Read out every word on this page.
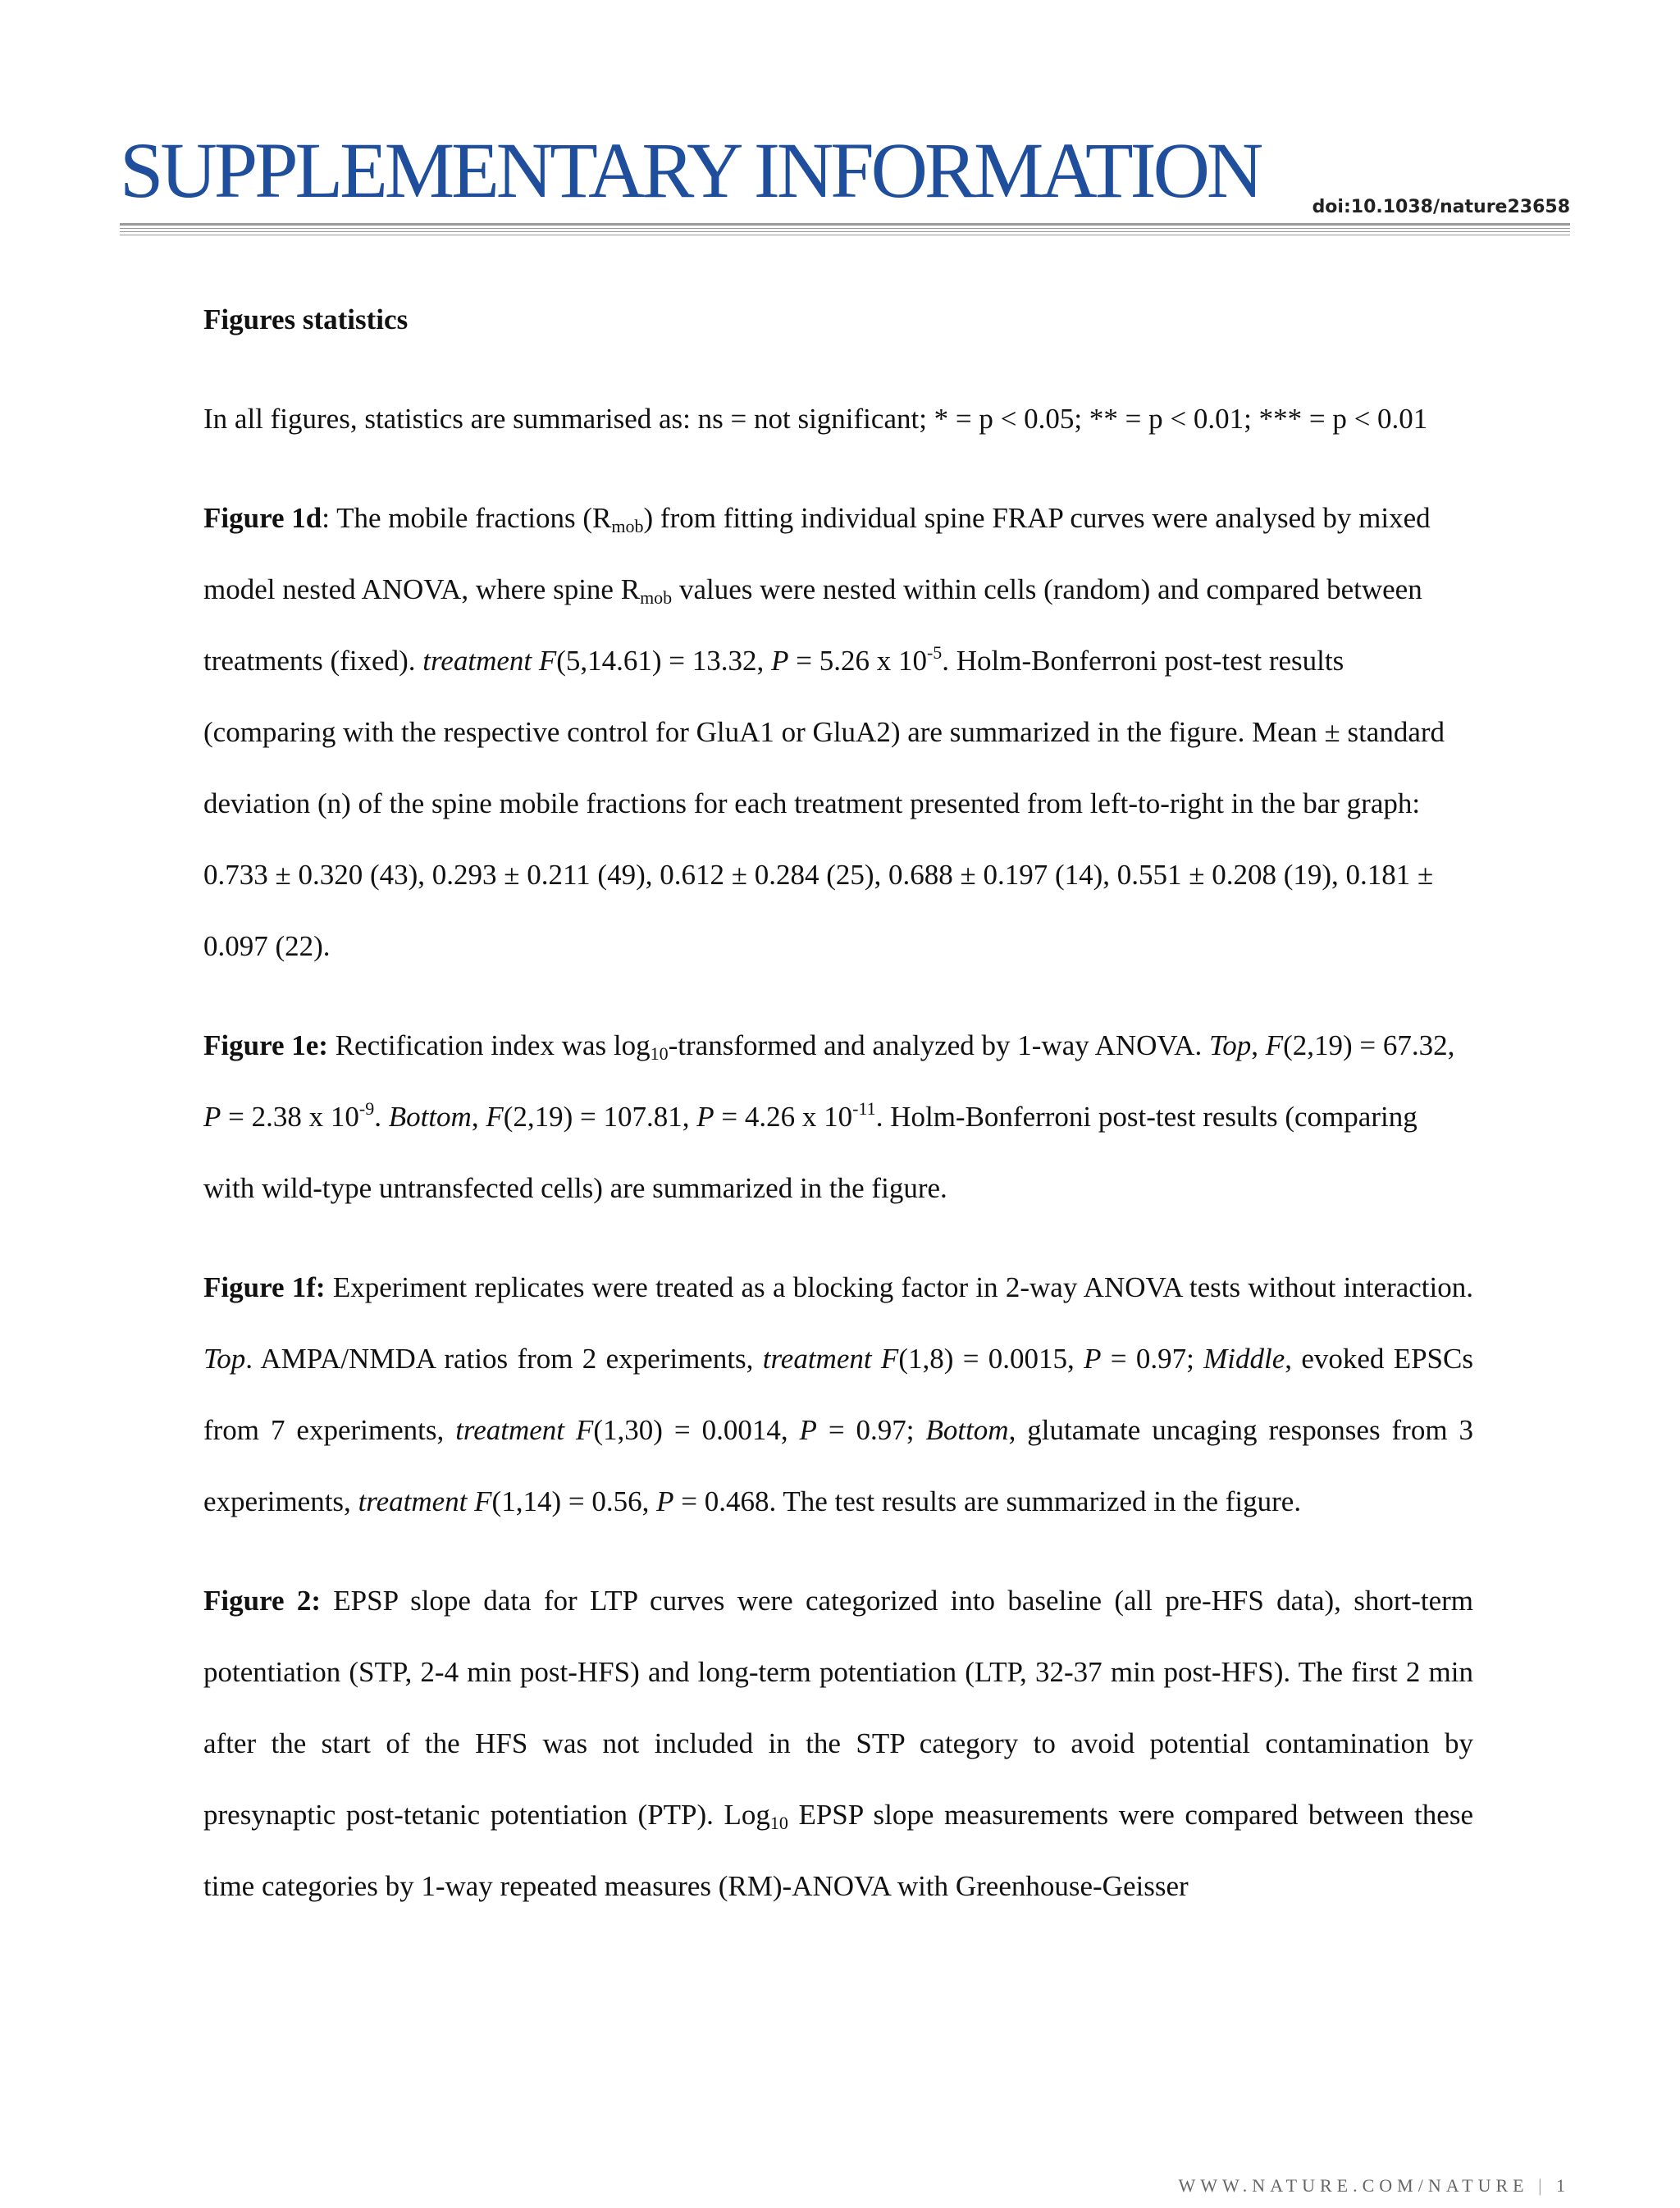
SUPPLEMENTARY INFORMATION	doi:10.1038/nature23658
Figures statistics

In all figures, statistics are summarised as: ns = not significant; * = p < 0.05; ** = p < 0.01; *** = p < 0.01

Figure 1d: The mobile fractions $(R_{mob})$ from fitting individual spine FRAP curves were analysed by mixed model nested ANOVA, where spine $R_{mob}$ values were nested within cells (random) and compared between treatments (fixed). treatment F(5,14.61) = 13.32, P = 5.26 x $10^{-5}$. Holm-Bonferroni post-test results (comparing with the respective control for GluA1 or GluA2) are summarized in the figure. Mean ± standard deviation (n) of the spine mobile fractions for each treatment presented from left-to-right in the bar graph: 0.733 ± 0.320 (43), 0.293 ± 0.211 (49), 0.612 ± 0.284 (25), 0.688 ± 0.197 (14), 0.551 ± 0.208 (19), 0.181 ± 0.097 (22).

Figure 1e: Rectification index was $\log_{10}$-transformed and analyzed by 1-way ANOVA. Top, F(2,19) = 67.32, P = 2.38 x $10^{-9}$. Bottom, F(2,19) = 107.81, P = 4.26 x $10^{-11}$. Holm-Bonferroni post-test results (comparing with wild-type untransfected cells) are summarized in the figure.

Figure 1f: Experiment replicates were treated as a blocking factor in 2-way ANOVA tests without interaction. Top. AMPA/NMDA ratios from 2 experiments, treatment F(1,8) = 0.0015, P = 0.97; Middle, evoked EPSCs from 7 experiments, treatment F(1,30) = 0.0014, P = 0.97; Bottom, glutamate uncaging responses from 3 experiments, treatment F(1,14) = 0.56, P = 0.468. The test results are summarized in the figure.

Figure 2: EPSP slope data for LTP curves were categorized into baseline (all pre-HFS data), short-term potentiation (STP, 2-4 min post-HFS) and long-term potentiation (LTP, 32-37 min post-HFS). The first 2 min after the start of the HFS was not included in the STP category to avoid potential contamination by presynaptic post-tetanic potentiation (PTP). Log$_{10}$ EPSP slope measurements were compared between these time categories by 1-way repeated measures (RM)-ANOVA with Greenhouse-Geisser

WWW.NATURE.COM/NATURE | 1
